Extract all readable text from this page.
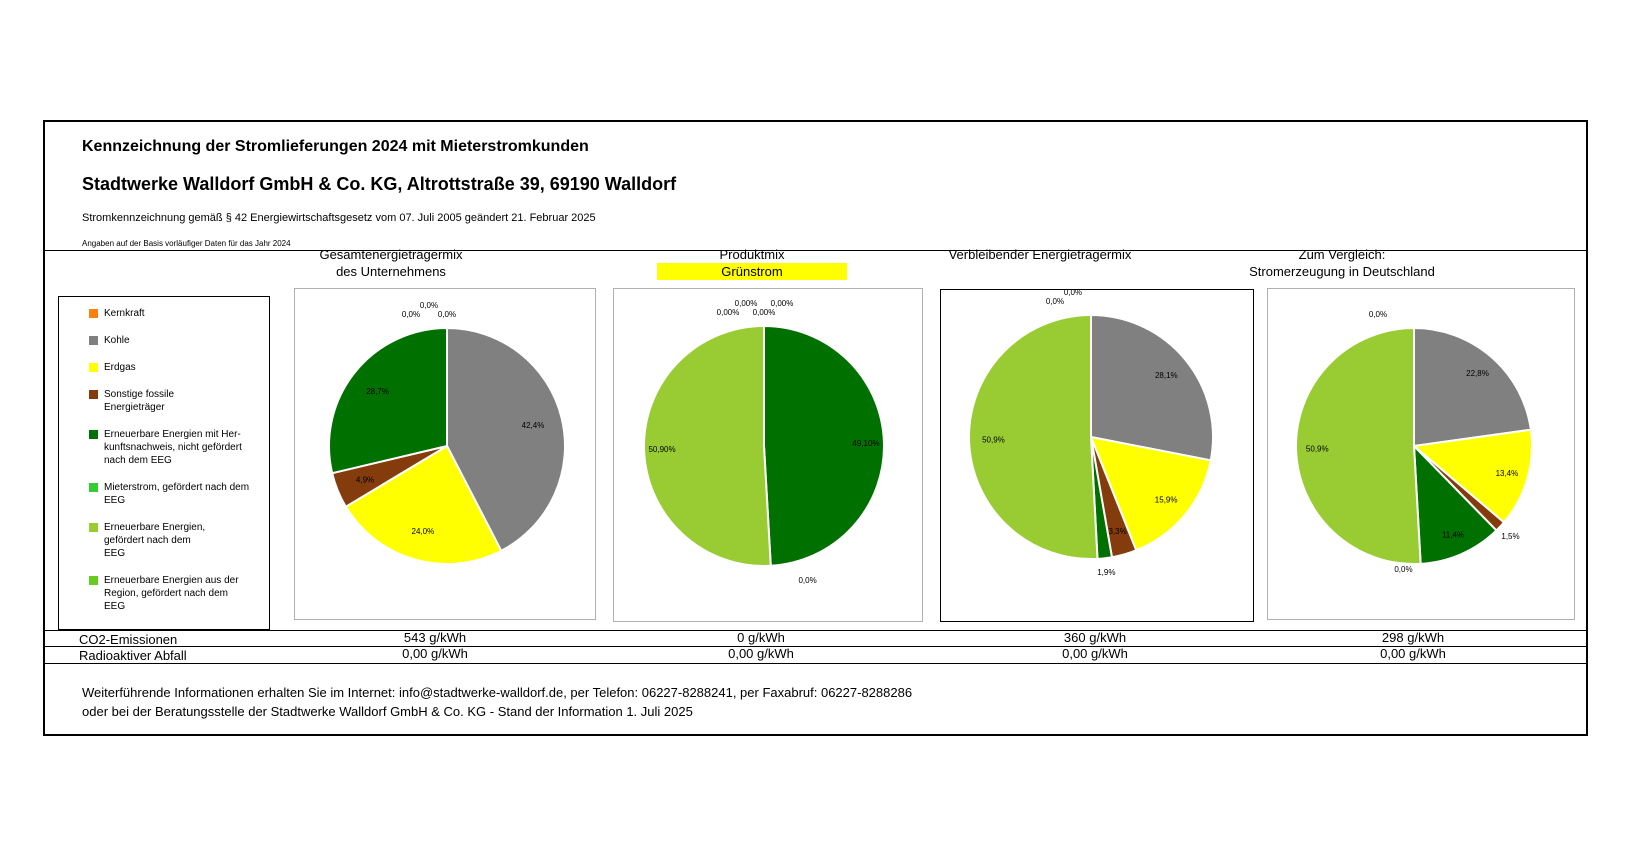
Kennzeichnung der Stromlieferungen 2024 mit Mieterstromkunden
Stadtwerke Walldorf GmbH & Co. KG, Altrottstraße 39, 69190 Walldorf
Stromkennzeichnung gemäß § 42 Energiewirtschaftsgesetz vom 07. Juli 2005 geändert 21. Februar 2025
Angaben auf der Basis vorläufiger Daten für das Jahr 2024
Kernkraft
Kohle
Erdgas
Sonstige fossile Energieträger
Erneuerbare Energien mit Her-kunftsnachweis, nicht gefördert nach dem EEG
Mieterstrom, gefördert nach dem EEG
Erneuerbare Energien, gefördert nach dem EEG
Erneuerbare Energien aus der Region, gefördert nach dem EEG
Gesamtenergieträgermix
des Unternehmens
Produktmix
Grünstrom
Verbleibender Energieträgermix	Zum Vergleich:
Stromerzeugung in Deutschland
0,0%
42,4%
24,0%
4,9%
28,7%
0,0%
0,0%	0,00%
0,00%
0,00%
0,00%
49,10%
0,0%
50,90%
0,0%
28,1%
15,9%
3,3%
1,9%
50,9%
0,0%
0,0%
22,8%
13,4%
1,5%
11,4%
0,0%
50,9%
CO2-Emissionen	543 g/kWh	0 g/kWh	360 g/kWh	298 g/kWh
Radioaktiver Abfall	0,00 g/kWh	0,00 g/kWh	0,00 g/kWh	0,00 g/kWh
Weiterführende Informationen erhalten Sie im Internet: info@stadtwerke-walldorf.de, per Telefon: 06227-8288241, per Faxabruf: 06227-8288286
oder bei der Beratungsstelle der Stadtwerke Walldorf GmbH & Co. KG - Stand der Information 1. Juli 2025
